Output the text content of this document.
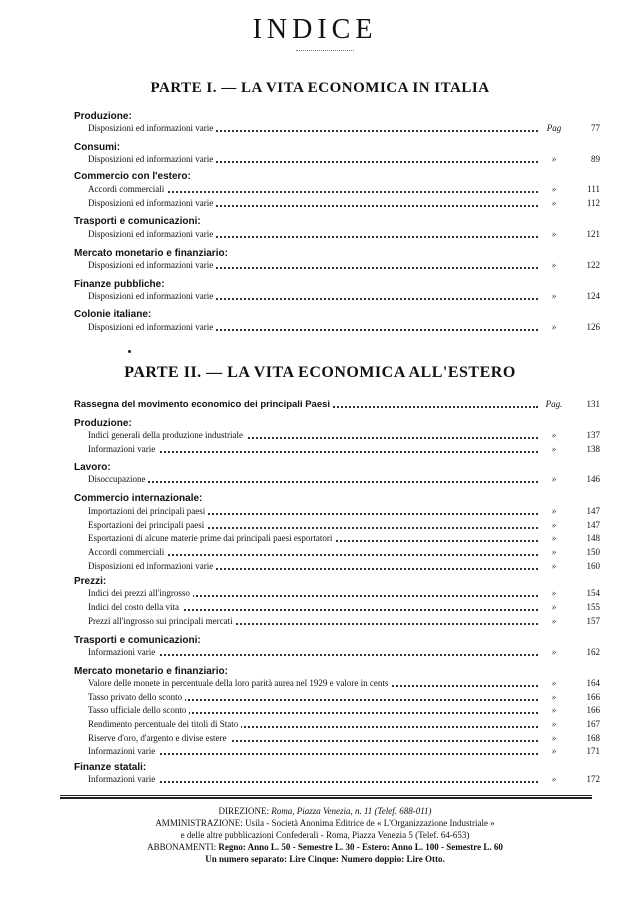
INDICE
PARTE I. — LA VITA ECONOMICA IN ITALIA
Produzione:
Disposizioni ed informazioni varie	Pag	77
Consumi:
Disposizioni ed informazioni varie	»	89
Commercio con l'estero:
Accordi commerciali	»	111
Disposizioni ed informazioni varie	»	112
Trasporti e comunicazioni:
Disposizioni ed informazioni varie	»	121
Mercato monetario e finanziario:
Disposizioni ed informazioni varie	»	122
Finanze pubbliche:
Disposizioni ed informazioni varie	»	124
Colonie italiane:
Disposizioni ed informazioni varie	»	126
PARTE II. — LA VITA ECONOMICA ALL'ESTERO
Rassegna del movimento economico dei principali Paesi	Pag.	131
Produzione:
Indici generali della produzione industriale	»	137
Informazioni varie	»	138
Lavoro:
Disoccupazione	»	146
Commercio internazionale:
Importazioni dei principali paesi	»	147
Esportazioni dei principali paesi	»	147
Esportazioni di alcune materie prime dai principali paesi esportatori	»	148
Accordi commerciali	»	150
Disposizioni ed informazioni varie	»	160
Prezzi:
Indici dei prezzi all'ingrosso	»	154
Indici del costo della vita	»	155
Prezzi all'ingrosso sui principali mercati	»	157
Trasporti e comunicazioni:
Informazioni varie	»	162
Mercato monetario e finanziario:
Valore delle monete in percentuale della loro parità aurea nel 1929 e valore in cents	»	164
Tasso privato dello sconto	»	166
Tasso ufficiale dello sconto	»	166
Rendimento percentuale dei titoli di Stato	»	167
Riserve d'oro, d'argento e divise estere	»	168
Informazioni varie	»	171
Finanze statali:
Informazioni varie	»	172
DIREZIONE: Roma, Piazza Venezia, n. 11 (Telef. 688-011)
AMMINISTRAZIONE: Usila - Società Anonima Editrice de « L'Organizzazione Industriale »
e delle altre pubblicazioni Confederali - Roma, Piazza Venezia 5 (Telef. 64-653)
ABBONAMENTI: Regno: Anno L. 50 - Semestre L. 30 - Estero: Anno L. 100 - Semestre L. 60
Un numero separato: Lire Cinque: Numero doppio: Lire Otto.
